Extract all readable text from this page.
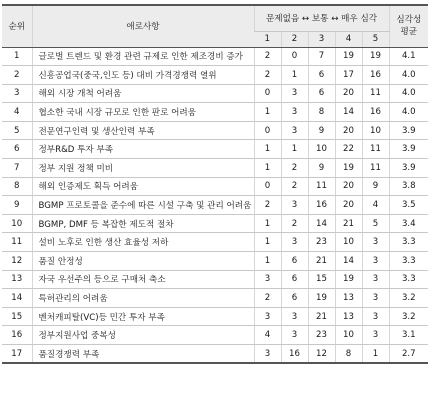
순위	애로사항	문제없음 ↔ 보통 ↔ 매우 심각					심각성
평균
		1	2	3	4	5	
1	글로벌 트렌드 및 환경 관련 규제로 인한 제조경비 증가	2	0	7	19	19	4.1
2	신흥공업국(중국,인도 등) 대비 가격경쟁력 열위	2	1	6	17	16	4.0
3	해외 시장 개척 어려움	0	3	6	20	11	4.0
4	협소한 국내 시장 규모로 인한 판로 어려움	1	3	8	14	16	4.0
5	전문연구인력 및 생산인력 부족	0	3	9	20	10	3.9
6	정부R&D 투자 부족	1	1	10	22	11	3.9
7	정부 지원 정책 미비	1	2	9	19	11	3.9
8	해외 인증제도 획득 어려움	0	2	11	20	9	3.8
9	BGMP 프로토콜을 준수에 따른 시설 구축 및 관리 어려움	2	3	16	20	4	3.5
10	BGMP, DMF 등 복잡한 제도적 절차	1	2	14	21	5	3.4
11	설비 노후로 인한 생산 효율성 저하	1	3	23	10	3	3.3
12	품질 안정성	1	6	21	14	3	3.3
13	자국 우선주의 등으로 구매처 축소	3	6	15	19	3	3.3
14	특허관리의 어려움	2	6	19	13	3	3.2
15	벤처캐피탈(VC)등 민간 투자 부족	3	3	21	13	3	3.2
16	정부지원사업 중복성	4	3	23	10	3	3.1
17	품질경쟁력 부족	3	16	12	8	1	2.7
